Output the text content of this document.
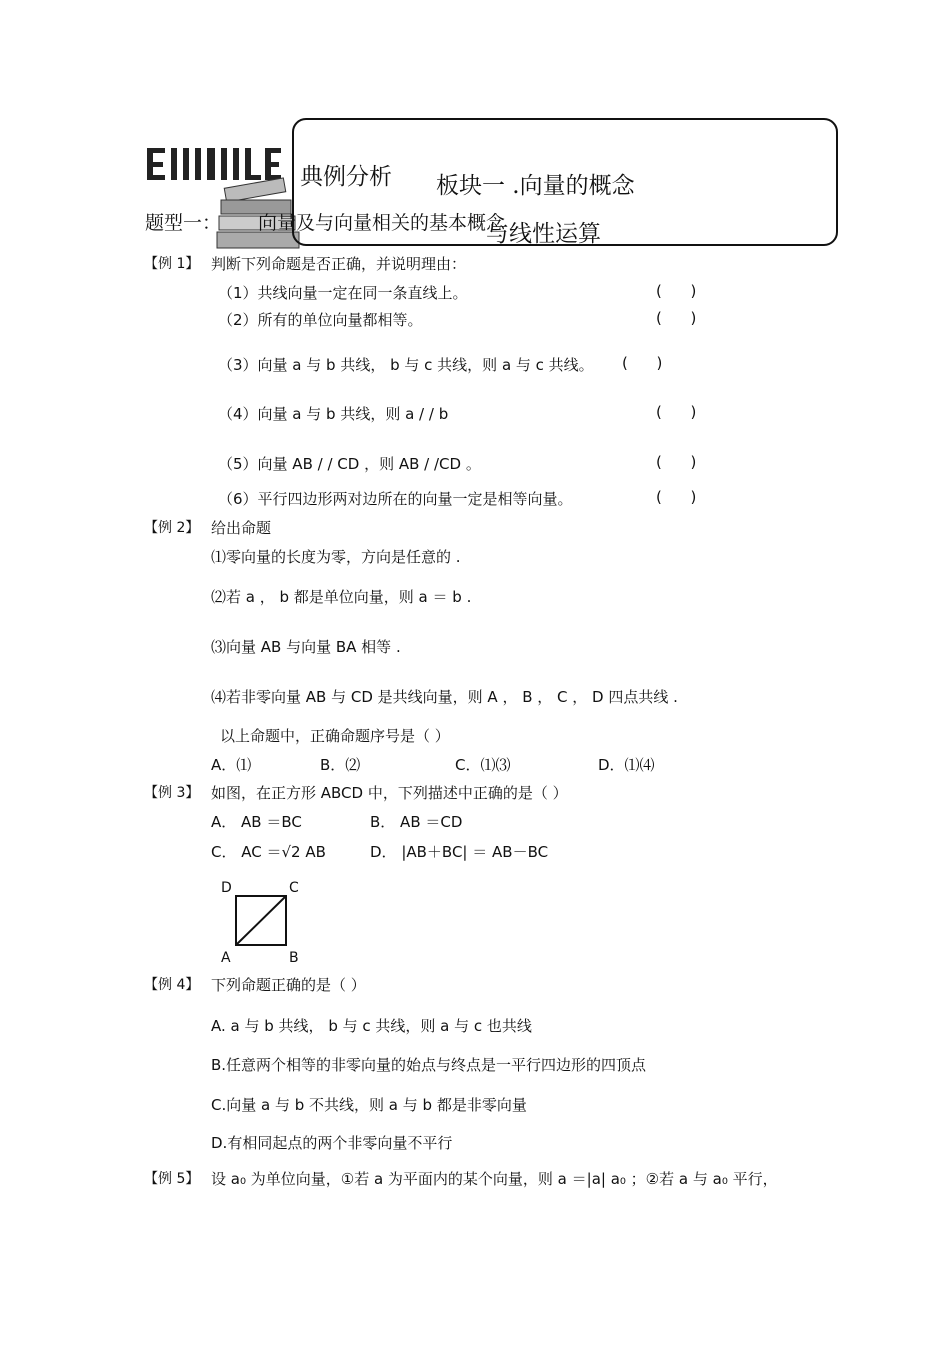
典例分析 板块一 .向量的概念
与线性运算
题型一： 向量及与向量相关的基本概念
【例 1】 判断下列命题是否正确，并说明理由：
（1）共线向量一定在同一条直线上。	(      )
（2）所有的单位向量都相等。	(      )
（3）向量 a 与 b 共线， b 与 c 共线，则 a 与 c 共线。 (      )
（4）向量 a 与 b 共线，则 a / / b	(      )
（5）向量 AB / / CD ，则 AB / /CD 。	(      )
（6）平行四边形两对边所在的向量一定是相等向量。	(      )
【例 2】 给出命题
⑴零向量的长度为零，方向是任意的 .
⑵若 a ， b 都是单位向量，则 a ＝ b .
⑶向量 AB 与向量 BA 相等 .
⑷若非零向量 AB 与 CD 是共线向量，则 A ， B ， C ， D 四点共线 .
以上命题中，正确命题序号是（ ）
A．⑴	B．⑵	C．⑴⑶	D．⑴⑷
【例 3】 如图，在正方形 ABCD 中，下列描述中正确的是（ ）
A． AB ＝BC	B． AB ＝CD
C． AC ＝√2 AB	D． |AB＋BC| ＝ AB－BC
D	C
A	B
【例 4】 下列命题正确的是（ ）
A. a 与 b 共线， b 与 c 共线，则 a 与 c 也共线
B.任意两个相等的非零向量的始点与终点是一平行四边形的四顶点
C.向量 a 与 b 不共线，则 a 与 b 都是非零向量
D.有相同起点的两个非零向量不平行
【例 5】 设 a₀ 为单位向量，①若 a 为平面内的某个向量，则 a ＝|a| a₀ ；②若 a 与 a₀ 平行，
